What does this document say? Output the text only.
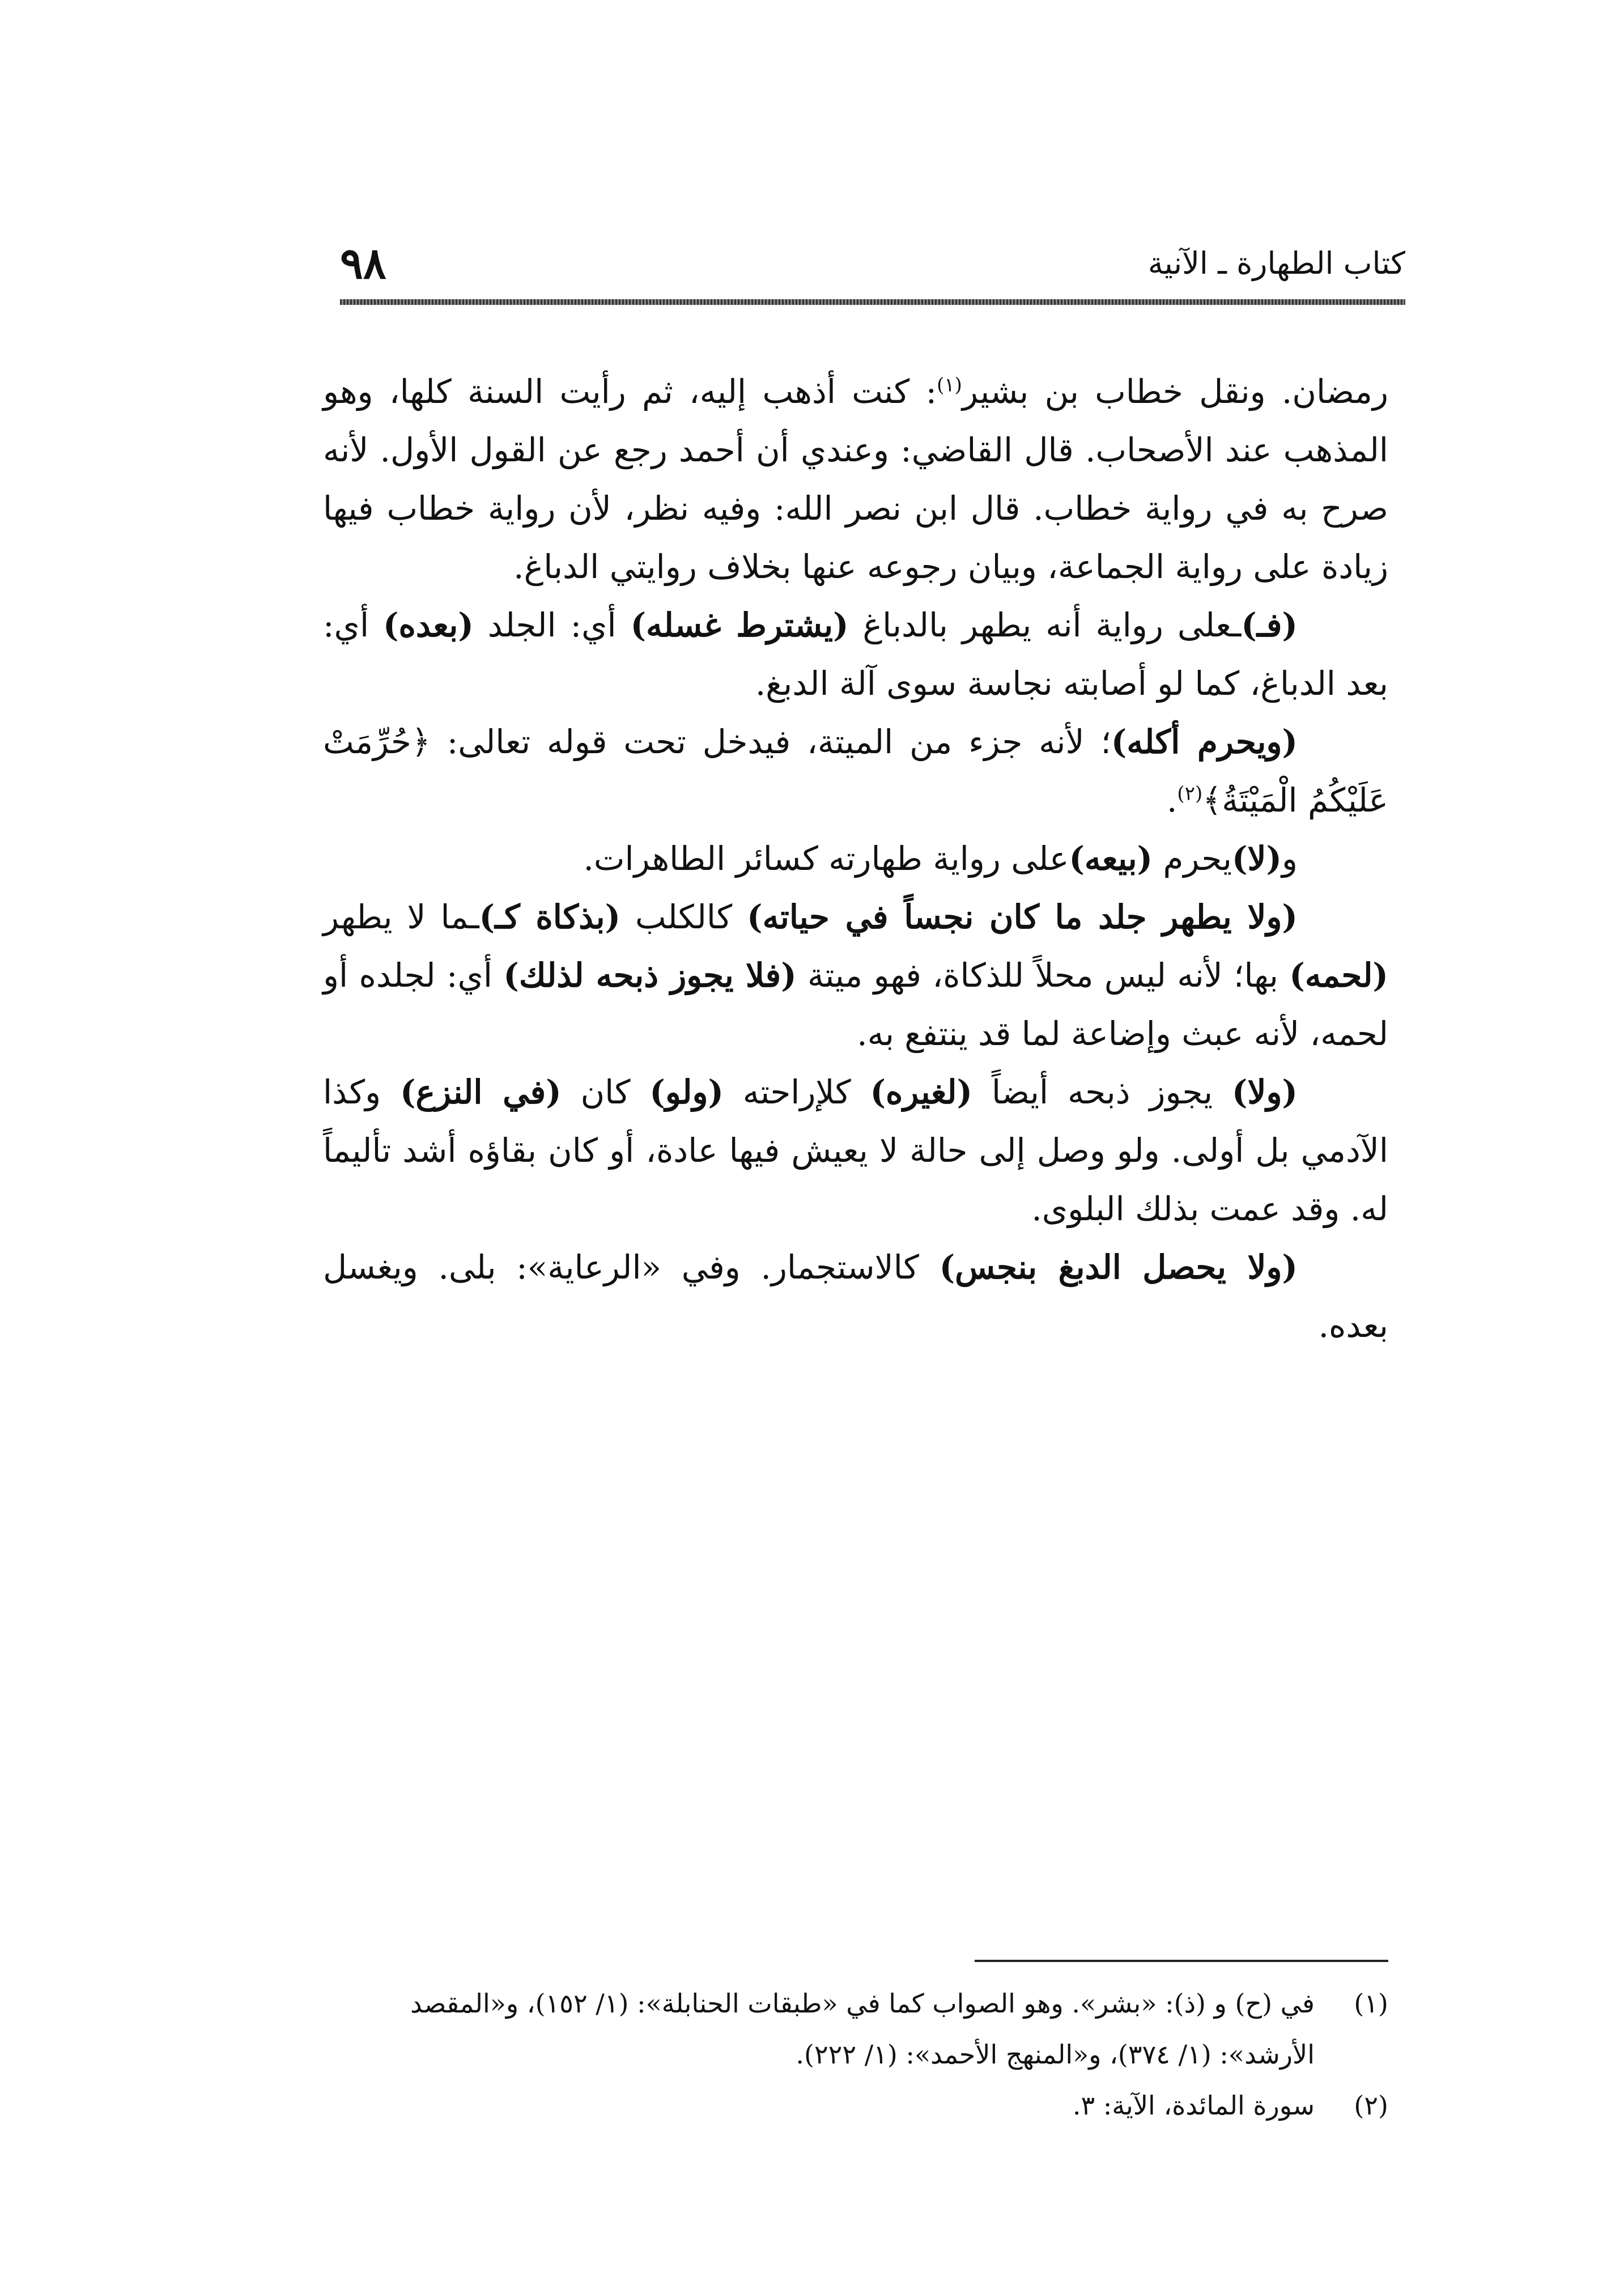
كتاب الطهارة ـ الآنية
٩٨

رمضان. ونقل خطاب بن بشير$^{(١)}$: كنت أذهب إليه، ثم رأيت السنة كلها، وهو المذهب عند الأصحاب. قال القاضي: وعندي أن أحمد رجع عن القول الأول. لأنه صرح به في رواية خطاب. قال ابن نصر الله: وفيه نظر، لأن رواية خطاب فيها زيادة على رواية الجماعة، وبيان رجوعه عنها بخلاف روايتي الدباغ.

(فـ)ـعلى رواية أنه يطهر بالدباغ (يشترط غسله) أي: الجلد (بعده) أي: بعد الدباغ، كما لو أصابته نجاسة سوى آلة الدبغ.

(ويحرم أكله)؛ لأنه جزء من الميتة، فيدخل تحت قوله تعالى: ﴿حُرِّمَتْ عَلَيْكُمُ الْمَيْتَةُ﴾$^{(٢)}$.

و(لا)يحرم (بيعه)على رواية طهارته كسائر الطاهرات.

(ولا يطهر جلد ما كان نجساً في حياته) كالكلب (بذكاة كـ)ـما لا يطهر (لحمه) بها؛ لأنه ليس محلاً للذكاة، فهو ميتة (فلا يجوز ذبحه لذلك) أي: لجلده أو لحمه، لأنه عبث وإضاعة لما قد ينتفع به.

(ولا) يجوز ذبحه أيضاً (لغيره) كلإراحته (ولو) كان (في النزع) وكذا الآدمي بل أولى. ولو وصل إلى حالة لا يعيش فيها عادة، أو كان بقاؤه أشد تأليماً له. وقد عمت بذلك البلوى.

(ولا يحصل الدبغ بنجس) كالاستجمار. وفي «الرعاية»: بلى. ويغسل بعده.

(١)
في (ح) و (ذ): «بشر». وهو الصواب كما في «طبقات الحنابلة»: (١/ ١٥٢)، و«المقصد الأرشد»: (١/ ٣٧٤)، و«المنهج الأحمد»: (١/ ٢٢٢).

(٢)
سورة المائدة، الآية: ٣.
